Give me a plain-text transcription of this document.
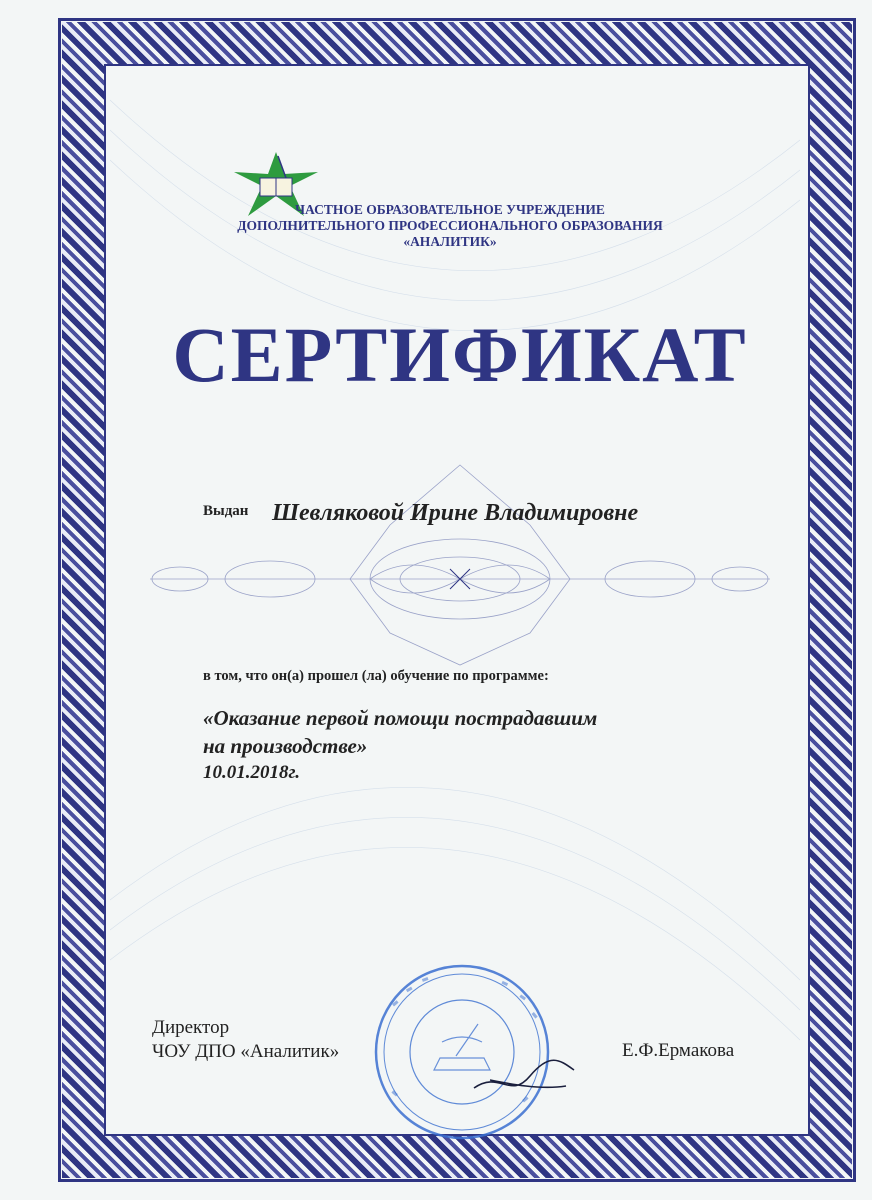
ЧАСТНОЕ ОБРАЗОВАТЕЛЬНОЕ УЧРЕЖДЕНИЕ
ДОПОЛНИТЕЛЬНОГО ПРОФЕССИОНАЛЬНОГО ОБРАЗОВАНИЯ
«АНАЛИТИК»
СЕРТИФИКАТ
Выдан Шевляковой Ирине Владимировне
в том, что он(а) прошел (ла) обучение по программе:
«Оказание первой помощи пострадавшим
на производстве»
10.01.2018г.
Директор
ЧОУ ДПО «Аналитик»	Е.Ф.Ермакова
